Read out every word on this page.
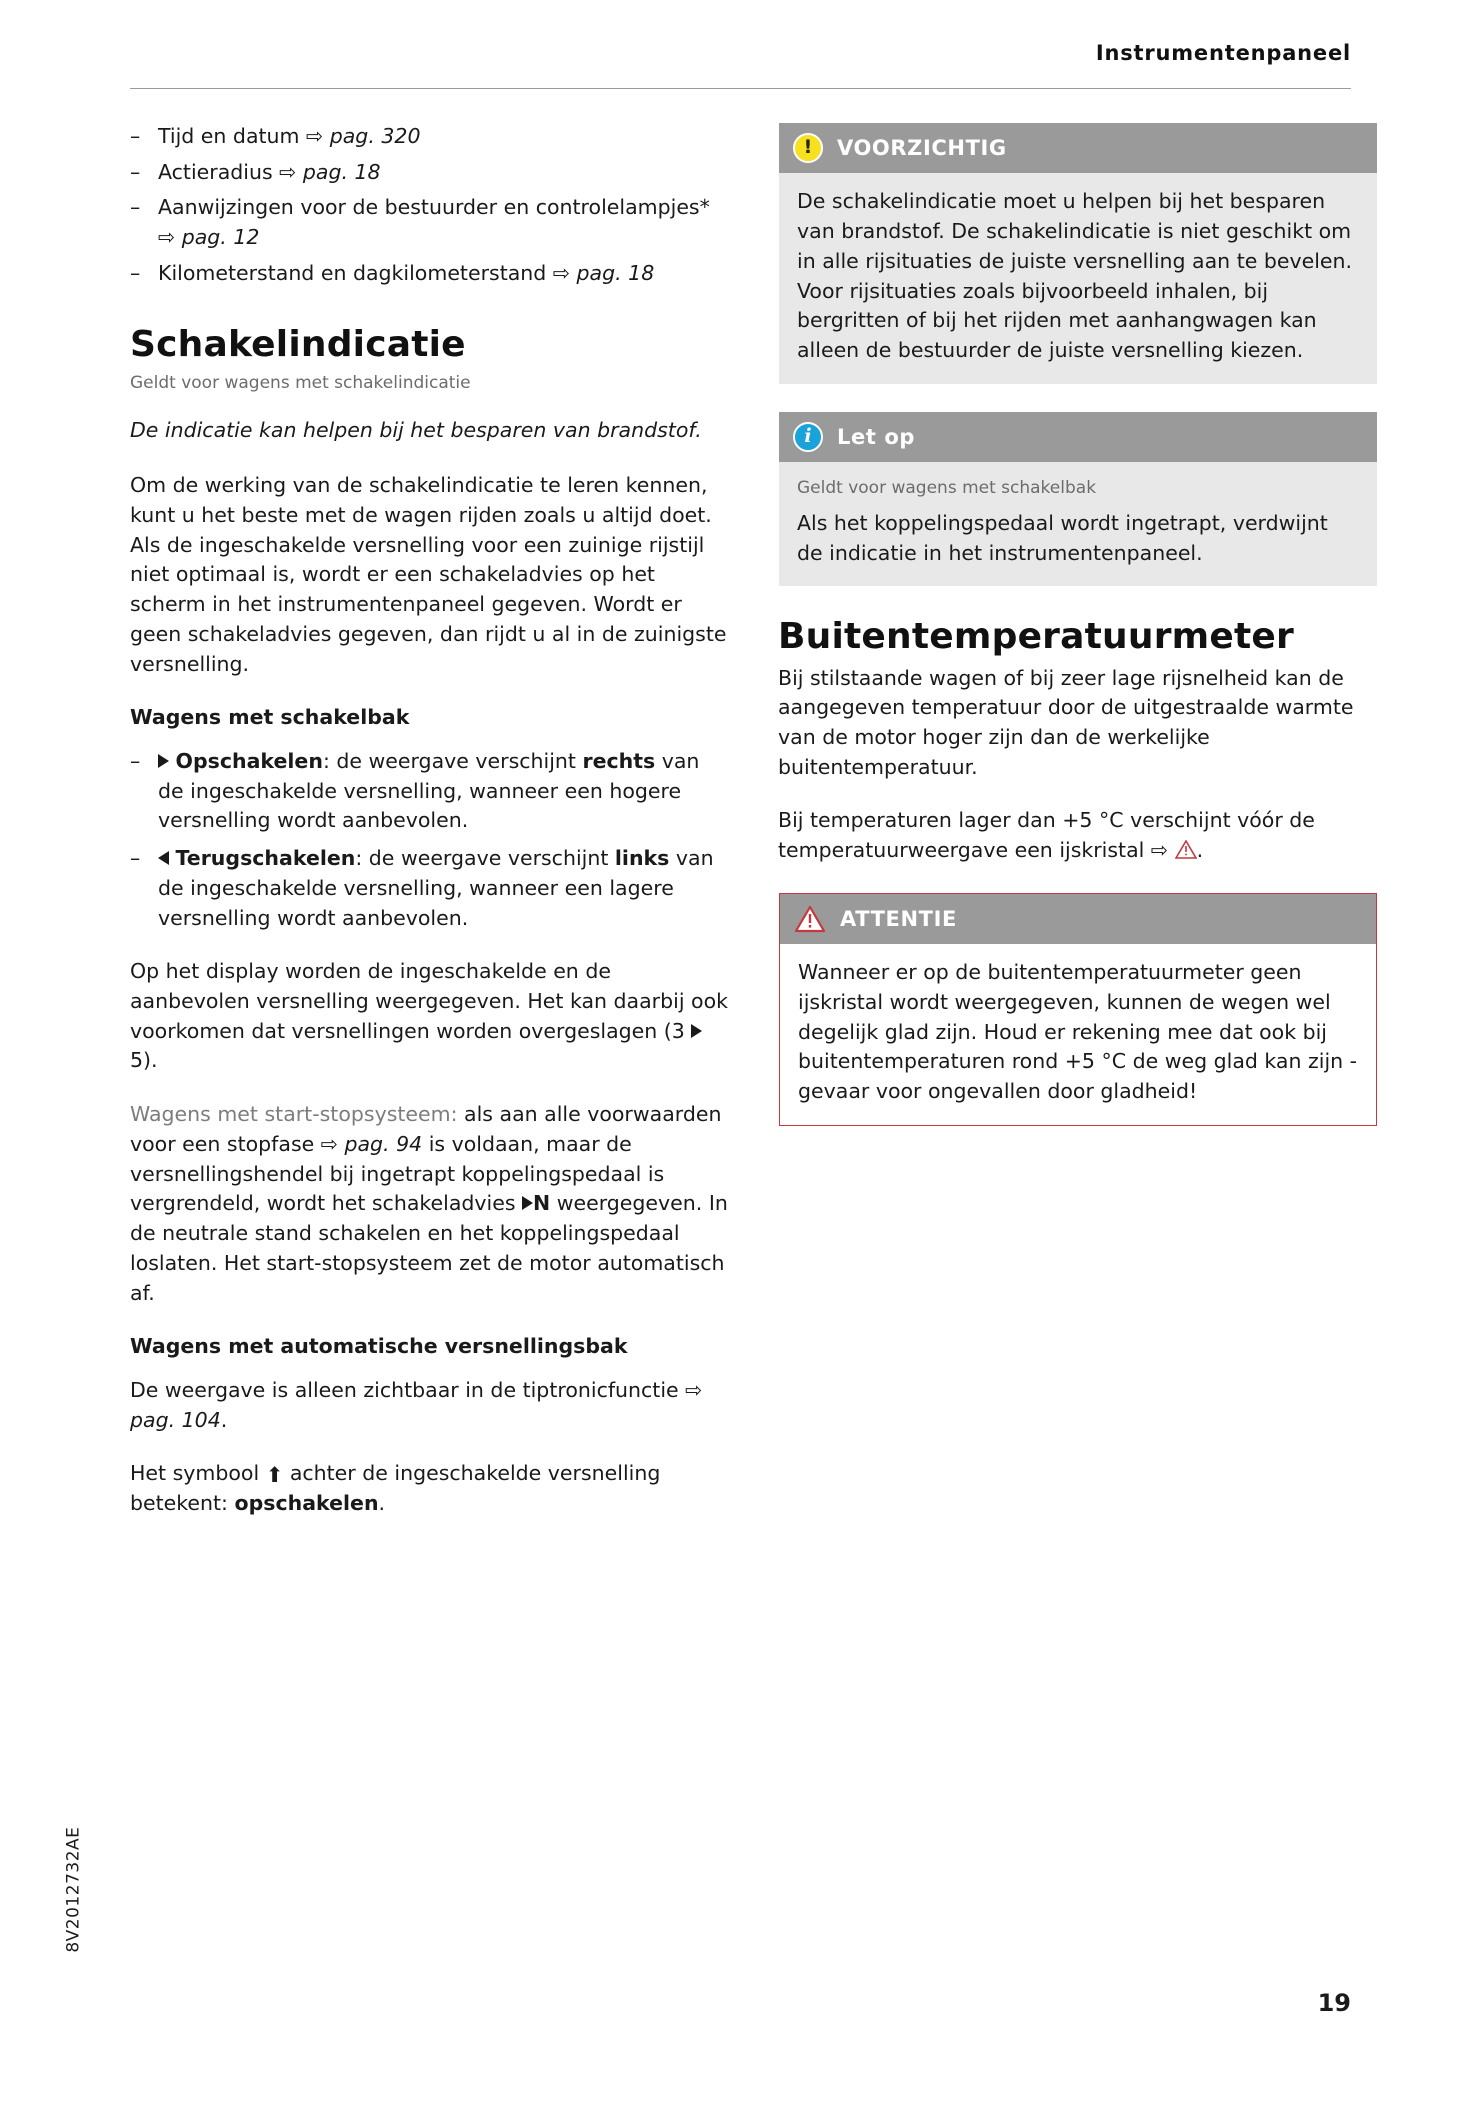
Instrumentenpaneel
– Tijd en datum ⇨ pag. 320
– Actieradius ⇨ pag. 18
– Aanwijzingen voor de bestuurder en controlelampjes* ⇨ pag. 12
– Kilometerstand en dagkilometerstand ⇨ pag. 18
Schakelindicatie
Geldt voor wagens met schakelindicatie

De indicatie kan helpen bij het besparen van brandstof.

Om de werking van de schakelindicatie te leren kennen, kunt u het beste met de wagen rijden zoals u altijd doet. Als de ingeschakelde versnelling voor een zuinige rijstijl niet optimaal is, wordt er een schakeladvies op het scherm in het instrumentenpaneel gegeven. Wordt er geen schakeladvies gegeven, dan rijdt u al in de zuinigste versnelling.

Wagens met schakelbak
– Opschakelen: de weergave verschijnt rechts van de ingeschakelde versnelling, wanneer een hogere versnelling wordt aanbevolen.
– Terugschakelen: de weergave verschijnt links van de ingeschakelde versnelling, wanneer een lagere versnelling wordt aanbevolen.

Op het display worden de ingeschakelde en de aanbevolen versnelling weergegeven. Het kan daarbij ook voorkomen dat versnellingen worden overgeslagen (3  5).

Wagens met start-stopsysteem: als aan alle voorwaarden voor een stopfase ⇨ pag. 94 is voldaan, maar de versnellingshendel bij ingetrapt koppelingspedaal is vergrendeld, wordt het schakeladvies N weergegeven. In de neutrale stand schakelen en het koppelingspedaal loslaten. Het start-stopsysteem zet de motor automatisch af.

Wagens met automatische versnellingsbak

De weergave is alleen zichtbaar in de tiptronicfunctie ⇨ pag. 104.

Het symbool ⬆ achter de ingeschakelde versnelling betekent: opschakelen.

!	VOORZICHTIG

De schakelindicatie moet u helpen bij het besparen van brandstof. De schakelindicatie is niet geschikt om in alle rijsituaties de juiste versnelling aan te bevelen. Voor rijsituaties zoals bijvoorbeeld inhalen, bij bergritten of bij het rijden met aanhangwagen kan alleen de bestuurder de juiste versnelling kiezen.

i	Let op
Geldt voor wagens met schakelbak

Als het koppelingspedaal wordt ingetrapt, verdwijnt de indicatie in het instrumentenpaneel.

Buitentemperatuurmeter

Bij stilstaande wagen of bij zeer lage rijsnelheid kan de aangegeven temperatuur door de uitgestraalde warmte van de motor hoger zijn dan de werkelijke buitentemperatuur.

Bij temperaturen lager dan +5 °C verschijnt vóór de temperatuurweergave een ijskristal ⇨ .

ATTENTIE

Wanneer er op de buitentemperatuurmeter geen ijskristal wordt weergegeven, kunnen de wegen wel degelijk glad zijn. Houd er rekening mee dat ook bij buitentemperaturen rond +5 °C de weg glad kan zijn - gevaar voor ongevallen door gladheid!

8V2012732AE
19
